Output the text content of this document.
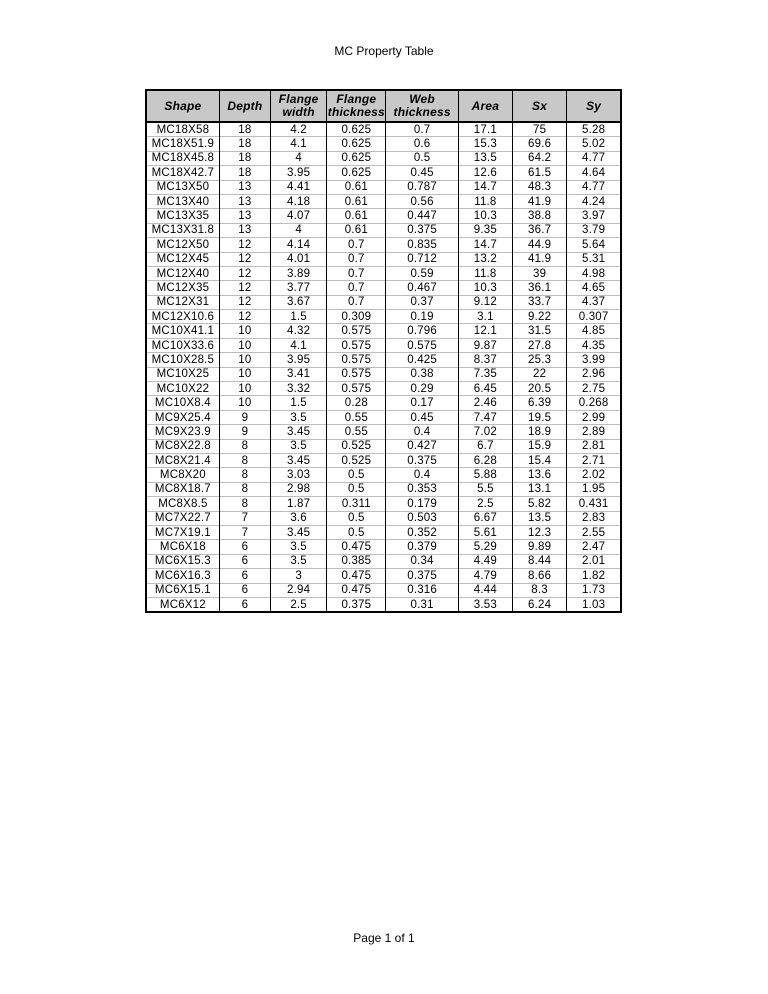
MC Property Table
Shape	Depth	Flange width	Flange thickness	Web thickness	Area	Sx	Sy
MC18X58	18	4.2	0.625	0.7	17.1	75	5.28
MC18X51.9	18	4.1	0.625	0.6	15.3	69.6	5.02
MC18X45.8	18	4	0.625	0.5	13.5	64.2	4.77
MC18X42.7	18	3.95	0.625	0.45	12.6	61.5	4.64
MC13X50	13	4.41	0.61	0.787	14.7	48.3	4.77
MC13X40	13	4.18	0.61	0.56	11.8	41.9	4.24
MC13X35	13	4.07	0.61	0.447	10.3	38.8	3.97
MC13X31.8	13	4	0.61	0.375	9.35	36.7	3.79
MC12X50	12	4.14	0.7	0.835	14.7	44.9	5.64
MC12X45	12	4.01	0.7	0.712	13.2	41.9	5.31
MC12X40	12	3.89	0.7	0.59	11.8	39	4.98
MC12X35	12	3.77	0.7	0.467	10.3	36.1	4.65
MC12X31	12	3.67	0.7	0.37	9.12	33.7	4.37
MC12X10.6	12	1.5	0.309	0.19	3.1	9.22	0.307
MC10X41.1	10	4.32	0.575	0.796	12.1	31.5	4.85
MC10X33.6	10	4.1	0.575	0.575	9.87	27.8	4.35
MC10X28.5	10	3.95	0.575	0.425	8.37	25.3	3.99
MC10X25	10	3.41	0.575	0.38	7.35	22	2.96
MC10X22	10	3.32	0.575	0.29	6.45	20.5	2.75
MC10X8.4	10	1.5	0.28	0.17	2.46	6.39	0.268
MC9X25.4	9	3.5	0.55	0.45	7.47	19.5	2.99
MC9X23.9	9	3.45	0.55	0.4	7.02	18.9	2.89
MC8X22.8	8	3.5	0.525	0.427	6.7	15.9	2.81
MC8X21.4	8	3.45	0.525	0.375	6.28	15.4	2.71
MC8X20	8	3.03	0.5	0.4	5.88	13.6	2.02
MC8X18.7	8	2.98	0.5	0.353	5.5	13.1	1.95
MC8X8.5	8	1.87	0.311	0.179	2.5	5.82	0.431
MC7X22.7	7	3.6	0.5	0.503	6.67	13.5	2.83
MC7X19.1	7	3.45	0.5	0.352	5.61	12.3	2.55
MC6X18	6	3.5	0.475	0.379	5.29	9.89	2.47
MC6X15.3	6	3.5	0.385	0.34	4.49	8.44	2.01
MC6X16.3	6	3	0.475	0.375	4.79	8.66	1.82
MC6X15.1	6	2.94	0.475	0.316	4.44	8.3	1.73
MC6X12	6	2.5	0.375	0.31	3.53	6.24	1.03
Page 1 of 1
